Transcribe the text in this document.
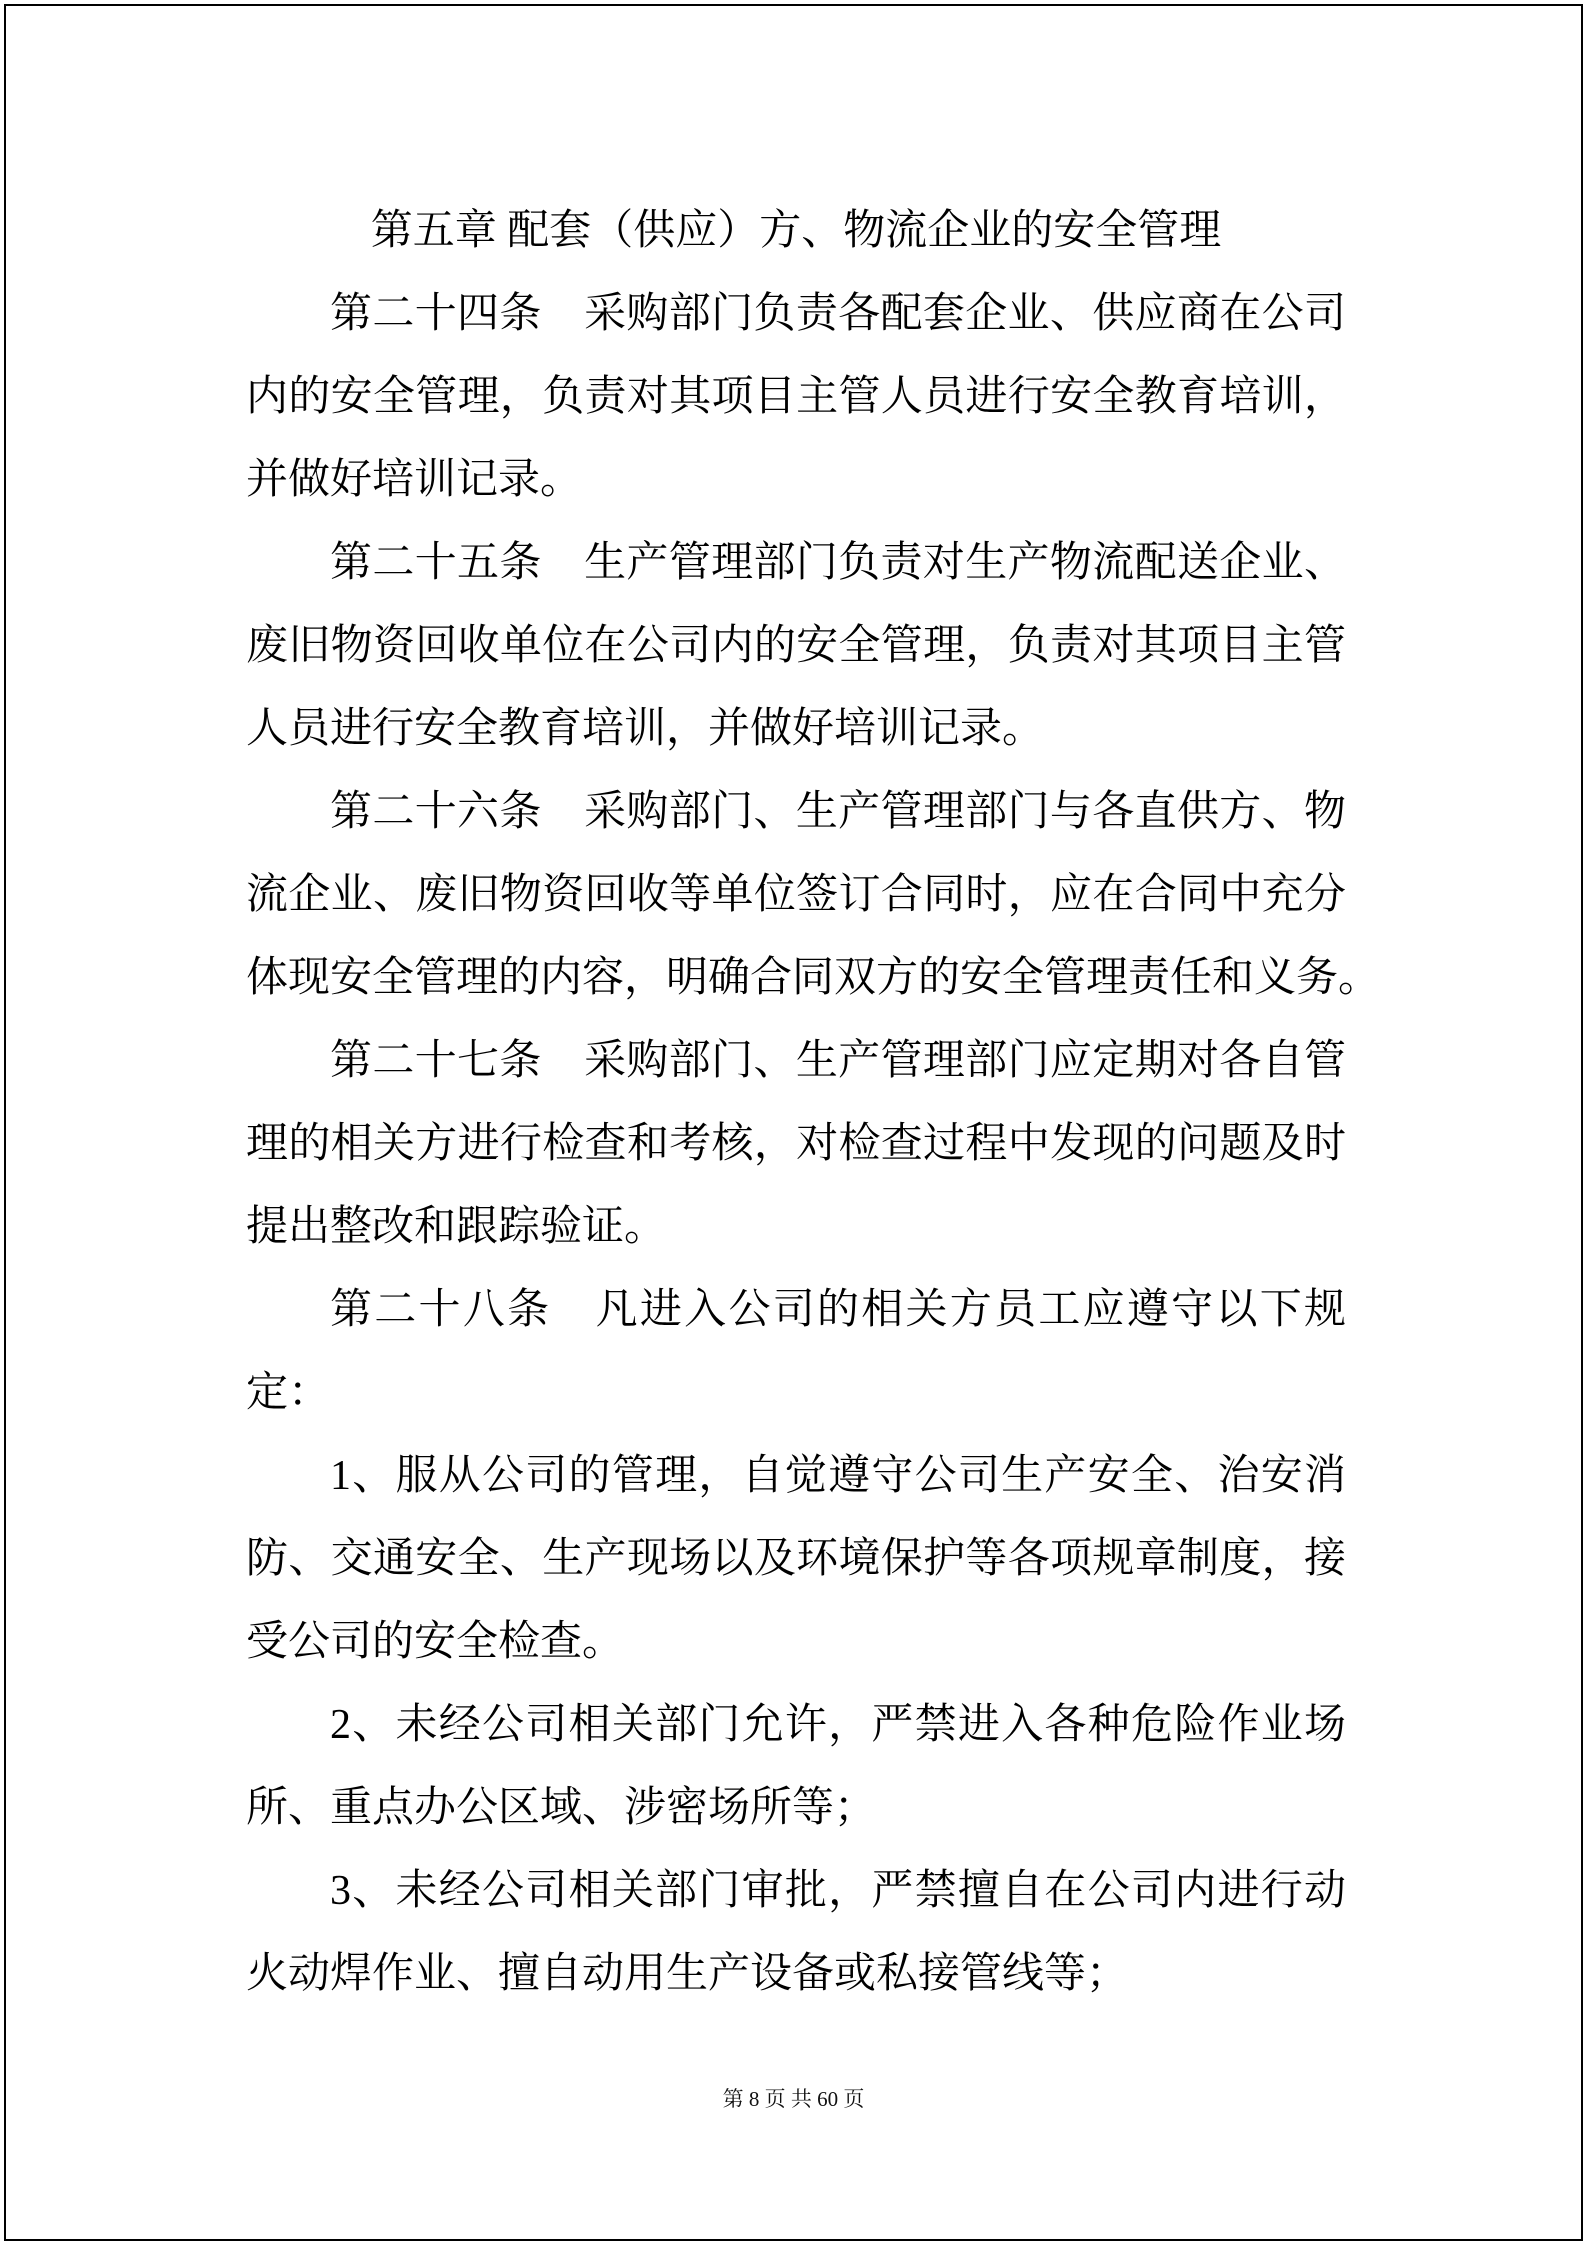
第五章 配套（供应）方、物流企业的安全管理
第二十四条　采购部门负责各配套企业、供应商在公司
内的安全管理，负责对其项目主管人员进行安全教育培训，
并做好培训记录。
第二十五条　生产管理部门负责对生产物流配送企业、
废旧物资回收单位在公司内的安全管理，负责对其项目主管
人员进行安全教育培训，并做好培训记录。
第二十六条　采购部门、生产管理部门与各直供方、物
流企业、废旧物资回收等单位签订合同时，应在合同中充分
体现安全管理的内容，明确合同双方的安全管理责任和义务。
第二十七条　采购部门、生产管理部门应定期对各自管
理的相关方进行检查和考核，对检查过程中发现的问题及时
提出整改和跟踪验证。
第二十八条　凡进入公司的相关方员工应遵守以下规
定：
1、服从公司的管理，自觉遵守公司生产安全、治安消
防、交通安全、生产现场以及环境保护等各项规章制度，接
受公司的安全检查。
2、未经公司相关部门允许，严禁进入各种危险作业场
所、重点办公区域、涉密场所等；
3、未经公司相关部门审批，严禁擅自在公司内进行动
火动焊作业、擅自动用生产设备或私接管线等；
第 8 页 共 60 页
